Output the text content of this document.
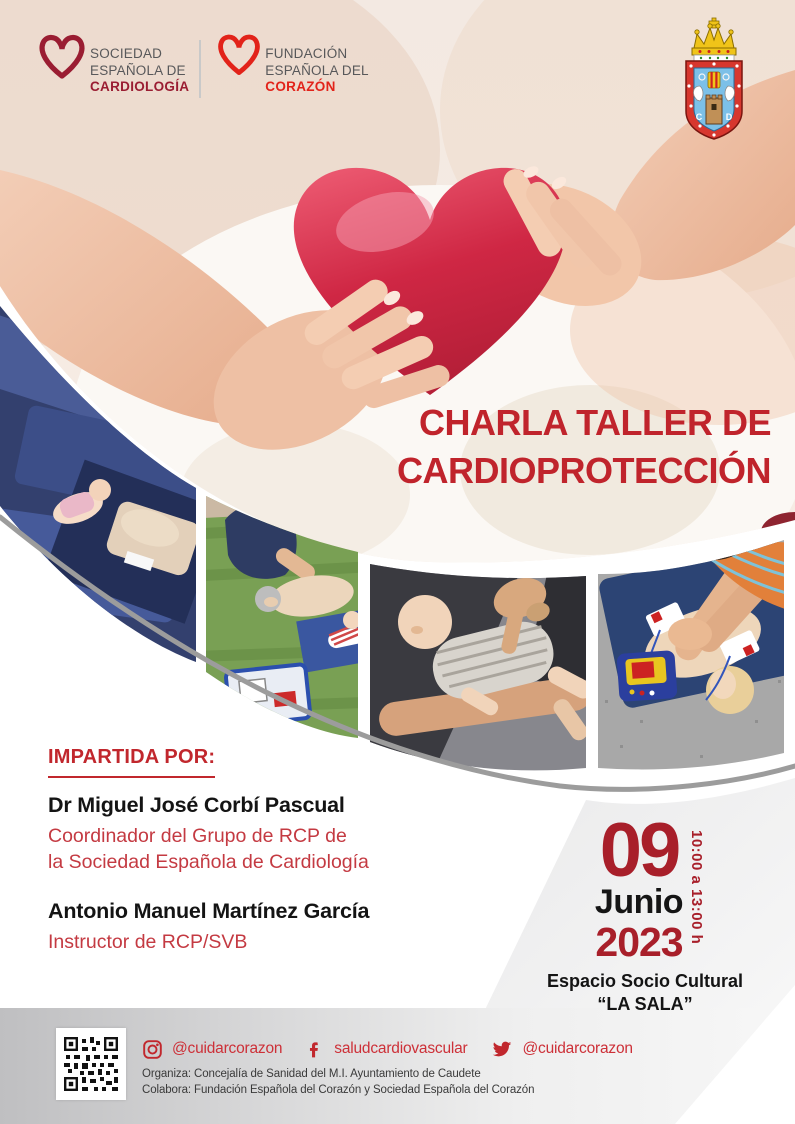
SOCIEDAD
ESPAÑOLA DE
CARDIOLOGÍA
FUNDACIÓN
ESPAÑOLA DEL
CORAZÓN
C	D
CHARLA TALLER DE
CARDIOPROTECCIÓN
IMPARTIDA POR:
Dr Miguel José Corbí Pascual
Coordinador del Grupo de RCP de
la Sociedad Española de Cardiología
Antonio Manuel Martínez García
Instructor de RCP/SVB
09
Junio
2023 10:00 a 13:00 h
Espacio Socio Cultural
“LA SALA”
@cuidarcorazon	saludcardiovascular	@cuidarcorazon
Organiza: Concejalía de Sanidad del M.I. Ayuntamiento de Caudete
Colabora: Fundación Española del Corazón y Sociedad Española del Corazón
